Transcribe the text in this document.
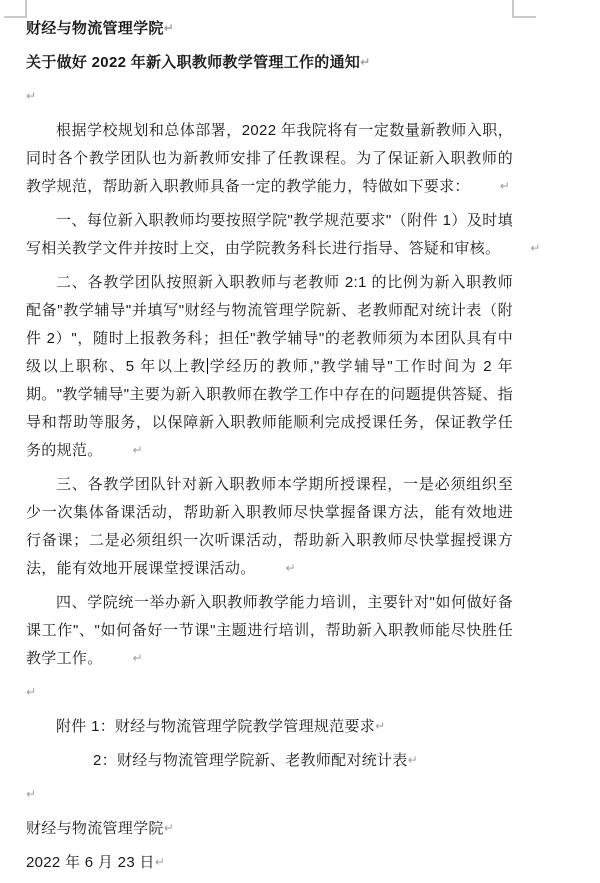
财经与物流管理学院↵

关于做好 2022 年新入职教师教学管理工作的通知↵

↵

根据学校规划和总体部署，2022 年我院将有一定数量新教师入职，同时各个教学团队也为新教师安排了任教课程。为了保证新入职教师的教学规范，帮助新入职教师具备一定的教学能力，特做如下要求：	↵

一、每位新入职教师均要按照学院"教学规范要求"（附件 1）及时填写相关教学文件并按时上交，由学院教务科长进行指导、答疑和审核。	↵

二、各教学团队按照新入职教师与老教师 2:1 的比例为新入职教师配备"教学辅导"并填写"财经与物流管理学院新、老教师配对统计表（附件 2）"，随时上报教务科；担任"教学辅导"的老教师须为本团队具有中级以上职称、5 年以上教 学经历的教师,"教学辅导"工作时间为 2 年期。"教学辅导"主要为新入职教师在教学工作中存在的问题提供答疑、指导和帮助等服务，以保障新入职教师能顺利完成授课任务，保证教学任务的规范。	↵

三、各教学团队针对新入职教师本学期所授课程，一是必须组织至少一次集体备课活动，帮助新入职教师尽快掌握备课方法，能有效地进行备课；二是必须组织一次听课活动，帮助新入职教师尽快掌握授课方法，能有效地开展课堂授课活动。	↵

四、学院统一举办新入职教师教学能力培训，主要针对"如何做好备课工作"、"如何备好一节课"主题进行培训，帮助新入职教师能尽快胜任教学工作。	↵

↵

附件 1：财经与物流管理学院教学管理规范要求↵

2：财经与物流管理学院新、老教师配对统计表↵

↵

财经与物流管理学院↵

2022 年 6 月 23 日↵
